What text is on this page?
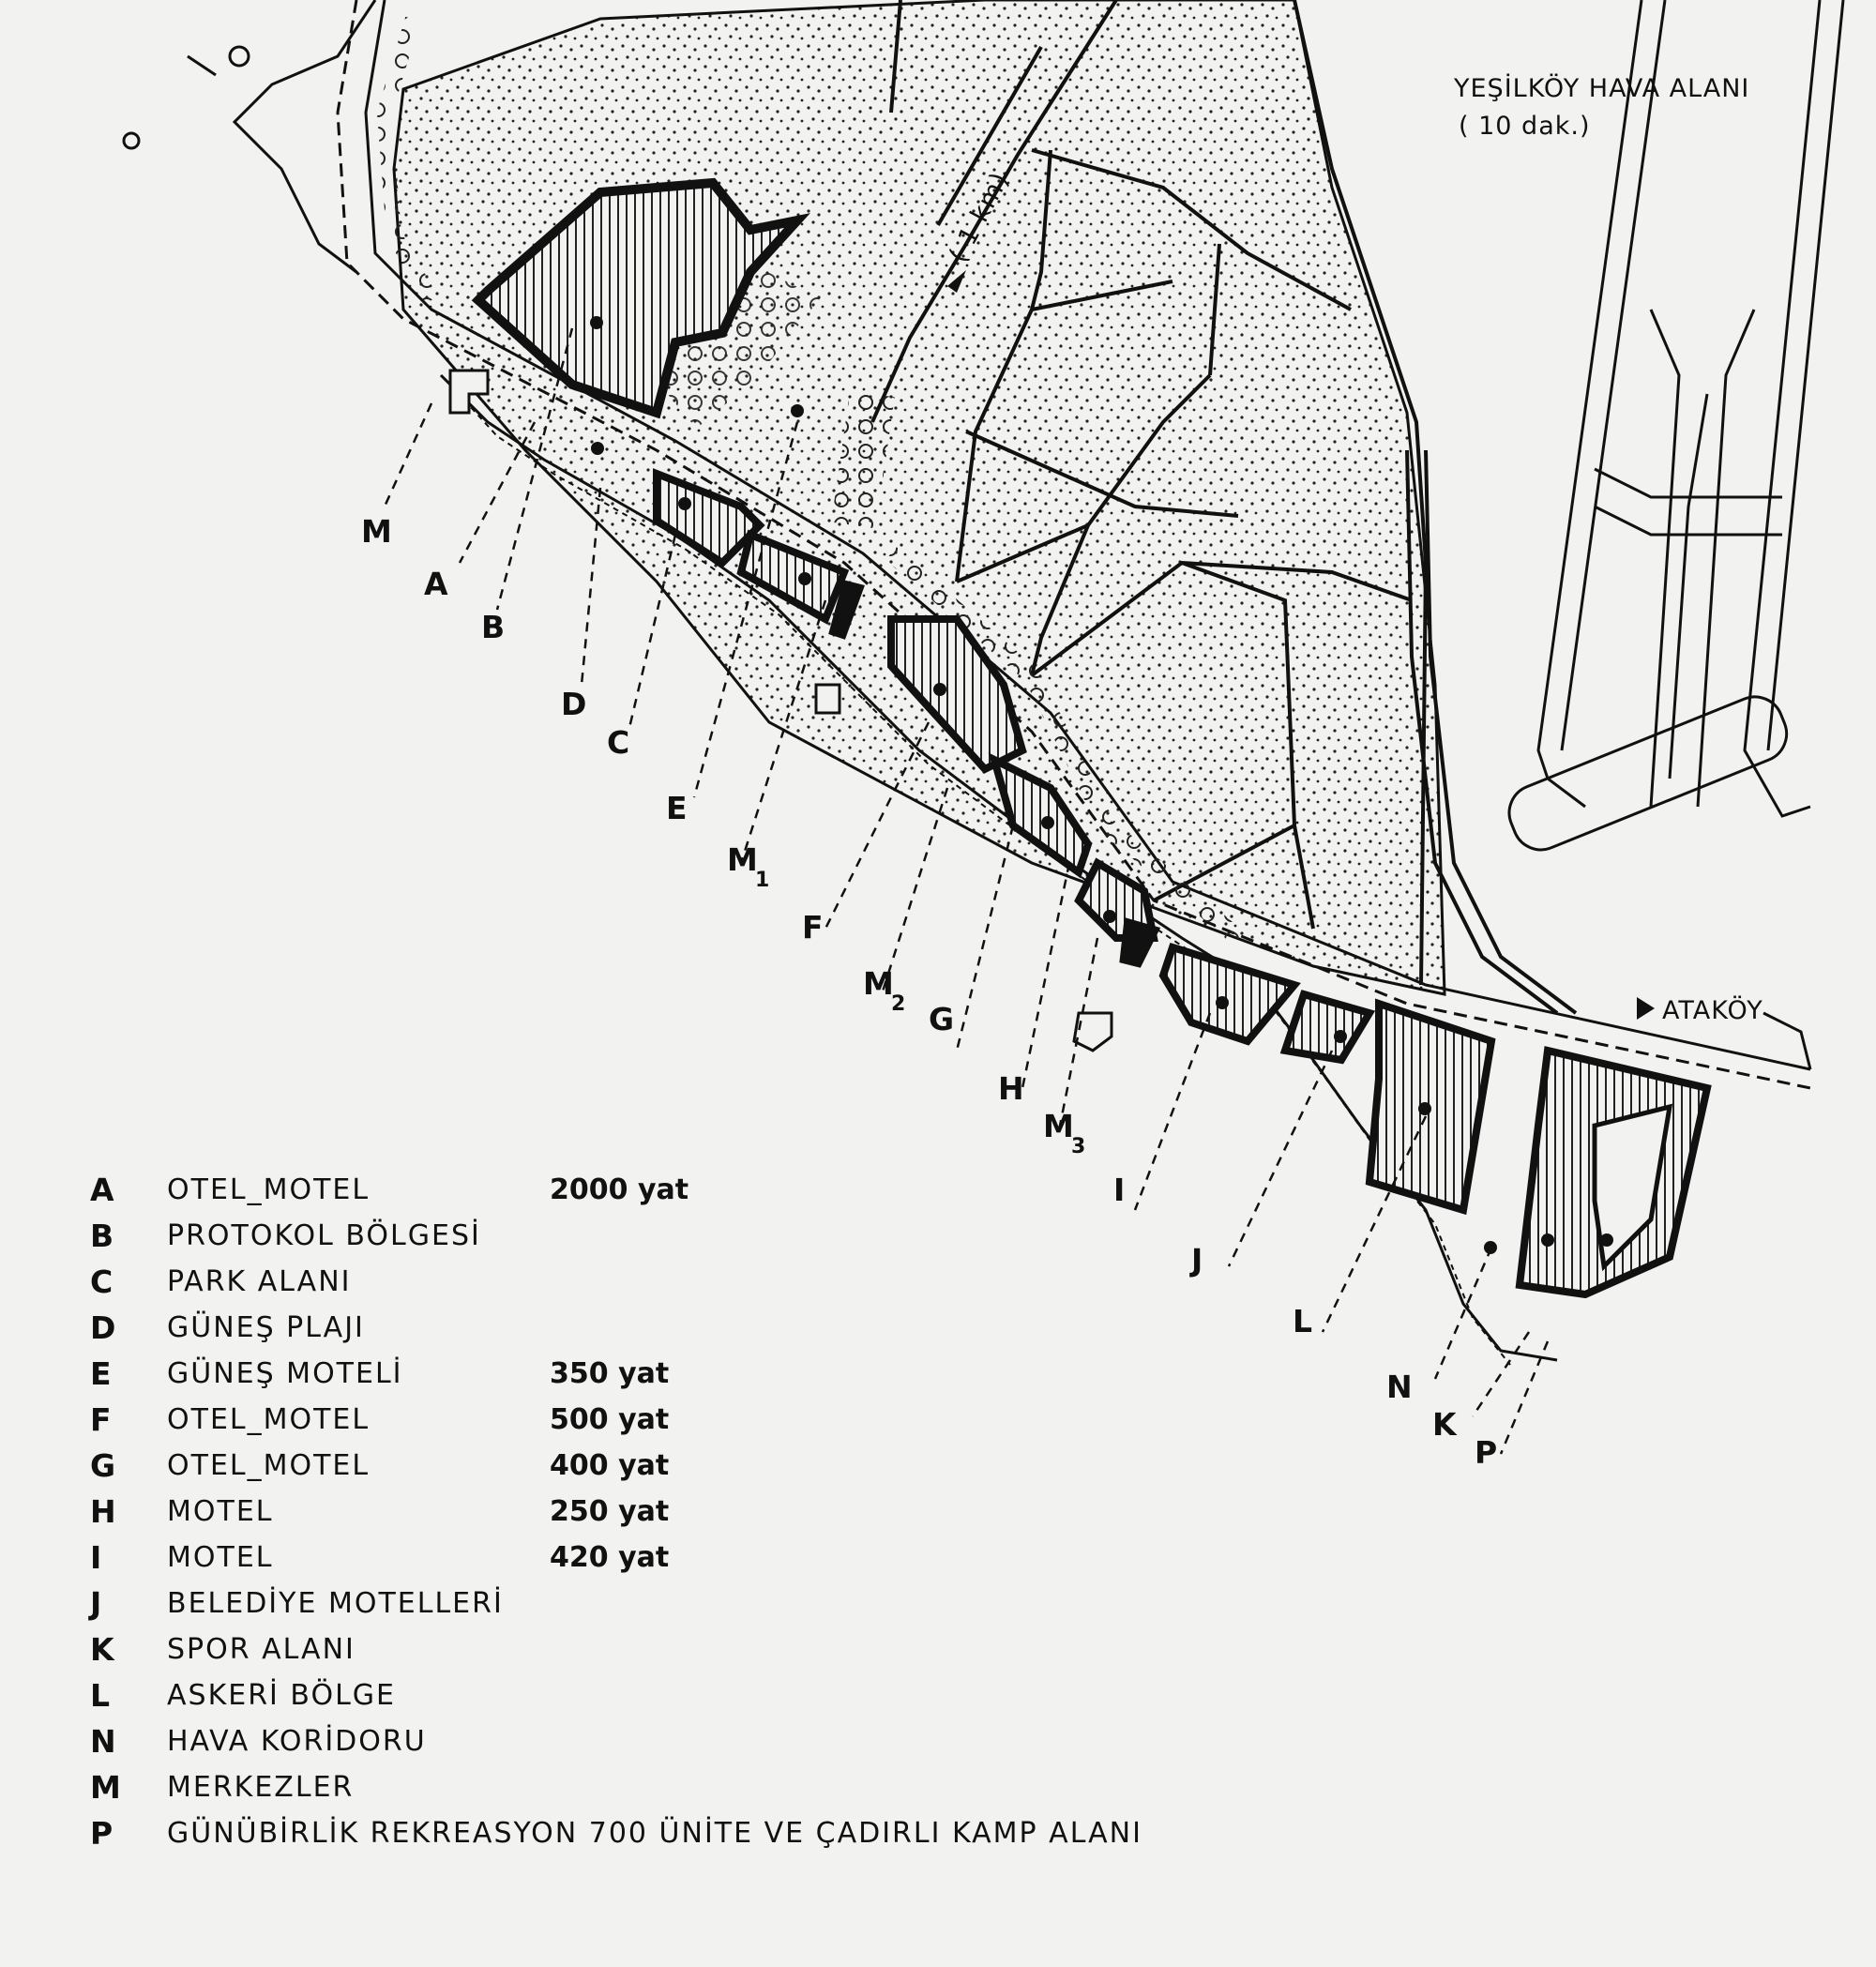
YEŞİLKÖY HAVA ALANI
( 10 dak.)
( 1 km)
M
A
B
D
C
E
M
1
F
M
2 G
H
M
3
I
J
L
N
K
P
ATAKÖY
A OTEL_MOTEL	2000 yat
B PROTOKOL BÖLGESİ
C PARK ALANI
D GÜNEŞ PLAJI
E GÜNEŞ MOTELİ	350 yat
F OTEL_MOTEL	500 yat
G OTEL_MOTEL	400 yat
H MOTEL	250 yat
I MOTEL	420 yat
J BELEDİYE MOTELLERİ
K SPOR ALANI
L ASKERİ BÖLGE
N HAVA KORİDORU
M MERKEZLER
P GÜNÜBİRLİK REKREASYON 700 ÜNİTE VE ÇADIRLI KAMP ALANI
